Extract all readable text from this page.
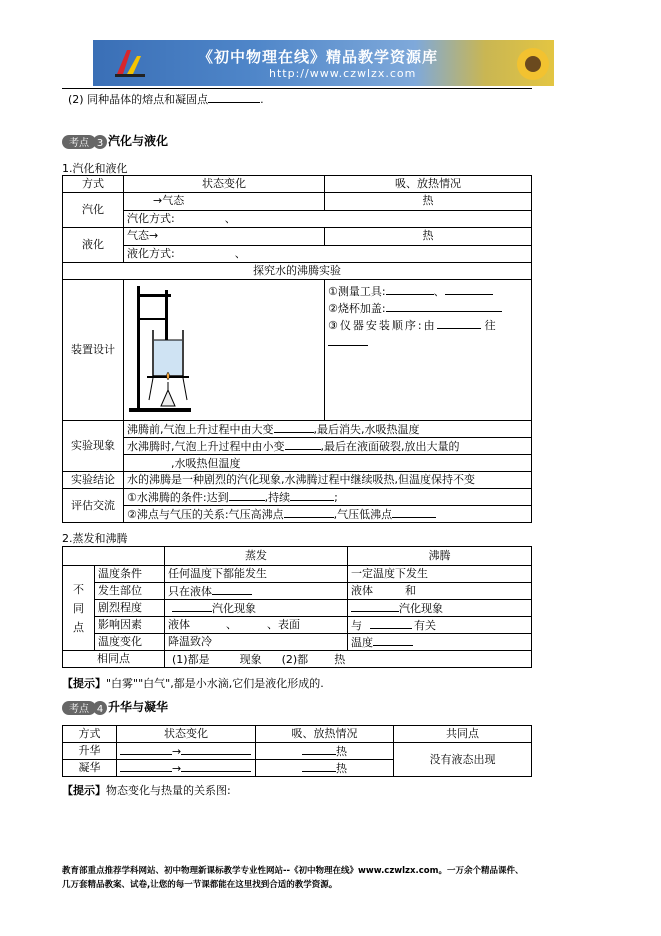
《初中物理在线》精品教学资源库
http://www.czwlzx.com
(2) 同种晶体的熔点和凝固点	.
考点 3 汽化与液化
1.汽化和液化
方式	状态变化	吸、放热情况
汽化	→气态	热
	汽化方式: 、	
液化	气态→	热
	液化方式: 、	
探究水的沸腾实验		
装置设计		①测量工具: 、
②烧杯加盖:
③仪器安装顺序:由 往

实验现象	沸腾前,气泡上升过程中由大变 ,最后消失,水吸热温度	
	水沸腾时,气泡上升过程中由小变 ,最后在液面破裂,放出大量的	
	,水吸热但温度	
实验结论	水的沸腾是一种剧烈的汽化现象,水沸腾过程中继续吸热,但温度保持不变	
评估交流	①水沸腾的条件:达到 ,持续 ;	
	②沸点与气压的关系:气压高沸点 ,气压低沸点	
2.蒸发和沸腾
		蒸发	沸腾

不
同
点	温度条件	任何温度下都能发生	一定温度下发生
	发生部位	只在液体	液体 和
	剧烈程度	汽化现象	汽化现象
	影响因素	液体 、 、表面	与 有关
	温度变化	降温致冷	温度
相同点		(1)都是 现象 (2)都 热	
【提示】"白雾""白气",都是小水滴,它们是液化形成的.
考点 4 升华与凝华
方式	状态变化	吸、放热情况	共同点
升华	→	热	没有液态出现
凝华	→	热	
【提示】物态变化与热量的关系图:
教育部重点推荐学科网站、初中物理新课标教学专业性网站--《初中物理在线》www.czwlzx.com。一万余个精品课件、
几万套精品教案、试卷,让您的每一节课都能在这里找到合适的教学资源。
